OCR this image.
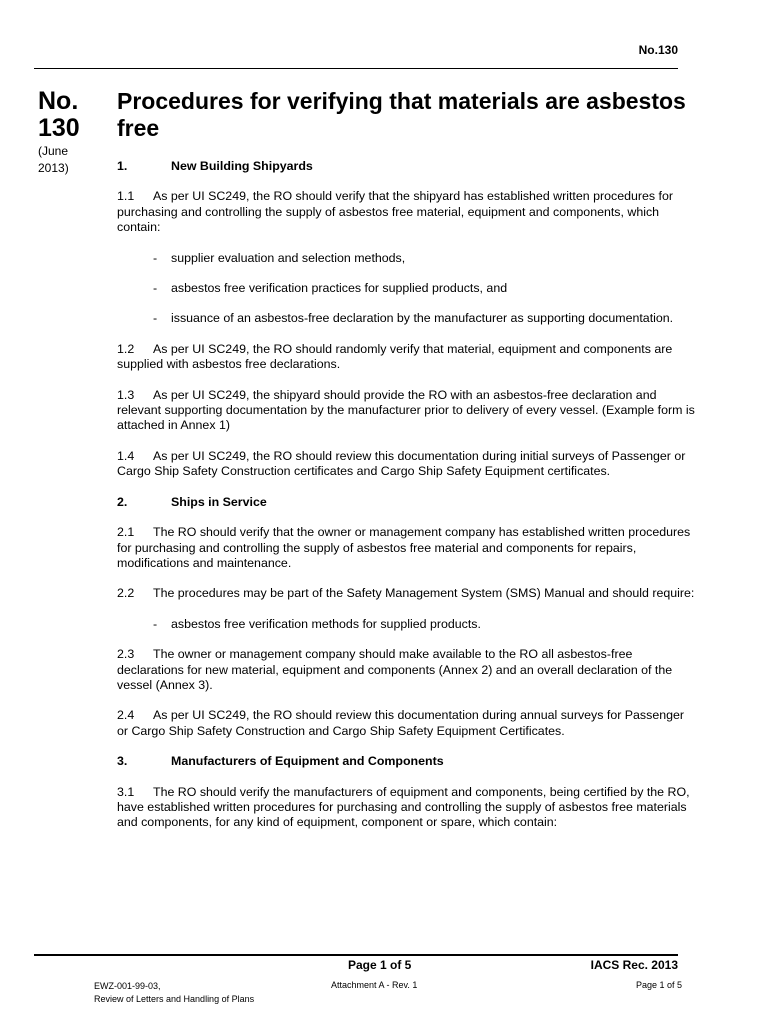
No.130
No.
130
(June
2013)
Procedures for verifying that materials are asbestos free
1.	New Building Shipyards
1.1 As per UI SC249, the RO should verify that the shipyard has established written procedures for purchasing and controlling the supply of asbestos free material, equipment and components, which contain:
- supplier evaluation and selection methods,
- asbestos free verification practices for supplied products, and
- issuance of an asbestos-free declaration by the manufacturer as supporting documentation.
1.2 As per UI SC249, the RO should randomly verify that material, equipment and components are supplied with asbestos free declarations.
1.3 As per UI SC249, the shipyard should provide the RO with an asbestos-free declaration and relevant supporting documentation by the manufacturer prior to delivery of every vessel. (Example form is attached in Annex 1)
1.4 As per UI SC249, the RO should review this documentation during initial surveys of Passenger or Cargo Ship Safety Construction certificates and Cargo Ship Safety Equipment certificates.
2.	Ships in Service
2.1 The RO should verify that the owner or management company has established written procedures for purchasing and controlling the supply of asbestos free material and components for repairs, modifications and maintenance.
2.2 The procedures may be part of the Safety Management System (SMS) Manual and should require:
- asbestos free verification methods for supplied products.
2.3 The owner or management company should make available to the RO all asbestos-free declarations for new material, equipment and components (Annex 2) and an overall declaration of the vessel (Annex 3).
2.4 As per UI SC249, the RO should review this documentation during annual surveys for Passenger or Cargo Ship Safety Construction and Cargo Ship Safety Equipment Certificates.
3.	Manufacturers of Equipment and Components
3.1 The RO should verify the manufacturers of equipment and components, being certified by the RO, have established written procedures for purchasing and controlling the supply of asbestos free materials and components, for any kind of equipment, component or spare, which contain:
Page 1 of 5	IACS Rec. 2013
EWZ-001-99-03,
Review of Letters and Handling of Plans
Attachment A - Rev. 1	Page 1 of 5
